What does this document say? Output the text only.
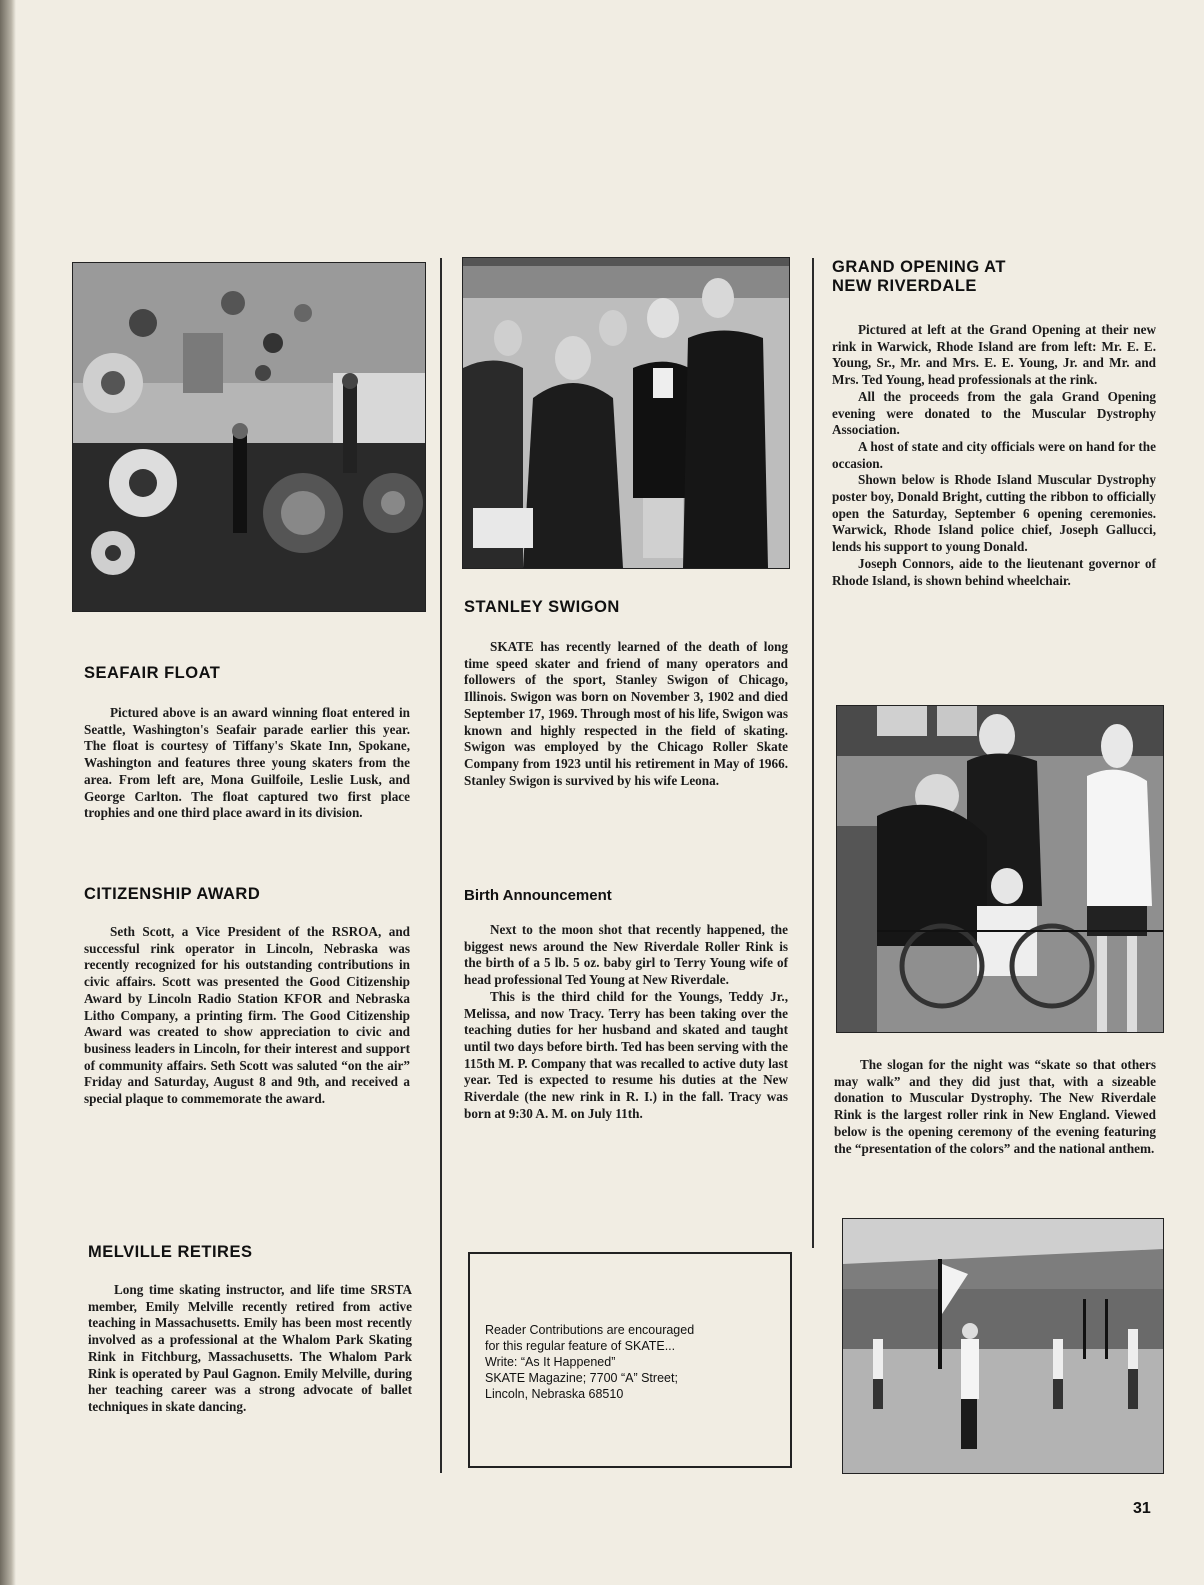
SEAFAIR FLOAT

Pictured above is an award winning float entered in Seattle, Washington's Seafair parade earlier this year. The float is courtesy of Tiffany's Skate Inn, Spokane, Washington and features three young skaters from the area. From left are, Mona Guilfoile, Leslie Lusk, and George Carlton. The float captured two first place trophies and one third place award in its division.

CITIZENSHIP AWARD

Seth Scott, a Vice President of the RSROA, and successful rink operator in Lincoln, Nebraska was recently recognized for his outstanding contributions in civic affairs. Scott was presented the Good Citizenship Award by Lincoln Radio Station KFOR and Nebraska Litho Company, a printing firm. The Good Citizenship Award was created to show appreciation to civic and business leaders in Lincoln, for their interest and support of community affairs. Seth Scott was saluted “on the air” Friday and Saturday, August 8 and 9th, and received a special plaque to commemorate the award.

MELVILLE RETIRES

Long time skating instructor, and life time SRSTA member, Emily Melville recently retired from active teaching in Massachusetts. Emily has been most recently involved as a professional at the Whalom Park Skating Rink in Fitchburg, Massachusetts. The Whalom Park Rink is operated by Paul Gagnon. Emily Melville, during her teaching career was a strong advocate of ballet techniques in skate dancing.

STANLEY SWIGON

SKATE has recently learned of the death of long time speed skater and friend of many operators and followers of the sport, Stanley Swigon of Chicago, Illinois. Swigon was born on November 3, 1902 and died September 17, 1969. Through most of his life, Swigon was known and highly respected in the field of skating. Swigon was employed by the Chicago Roller Skate Company from 1923 until his retirement in May of 1966. Stanley Swigon is survived by his wife Leona.

Birth Announcement

Next to the moon shot that recently happened, the biggest news around the New Riverdale Roller Rink is the birth of a 5 lb. 5 oz. baby girl to Terry Young wife of head professional Ted Young at New Riverdale.

This is the third child for the Youngs, Teddy Jr., Melissa, and now Tracy. Terry has been taking over the teaching duties for her husband and skated and taught until two days before birth. Ted has been serving with the 115th M. P. Company that was recalled to active duty last year. Ted is expected to resume his duties at the New Riverdale (the new rink in R. I.) in the fall. Tracy was born at 9:30 A. M. on July 11th.

Reader Contributions are encouraged
for this regular feature of SKATE...
Write: “As It Happened”
SKATE Magazine; 7700 “A” Street;
Lincoln, Nebraska 68510
GRAND OPENING AT
NEW RIVERDALE

Pictured at left at the Grand Opening at their new rink in Warwick, Rhode Island are from left: Mr. E. E. Young, Sr., Mr. and Mrs. E. E. Young, Jr. and Mr. and Mrs. Ted Young, head professionals at the rink.

All the proceeds from the gala Grand Opening evening were donated to the Muscular Dystrophy Association.

A host of state and city officials were on hand for the occasion.

Shown below is Rhode Island Muscular Dystrophy poster boy, Donald Bright, cutting the ribbon to officially open the Saturday, September 6 opening ceremonies. Warwick, Rhode Island police chief, Joseph Gallucci, lends his support to young Donald.

Joseph Connors, aide to the lieutenant governor of Rhode Island, is shown behind wheelchair.

The slogan for the night was “skate so that others may walk” and they did just that, with a sizeable donation to Muscular Dystrophy. The New Riverdale Rink is the largest roller rink in New England. Viewed below is the opening ceremony of the evening featuring the “presentation of the colors” and the national anthem.

31
